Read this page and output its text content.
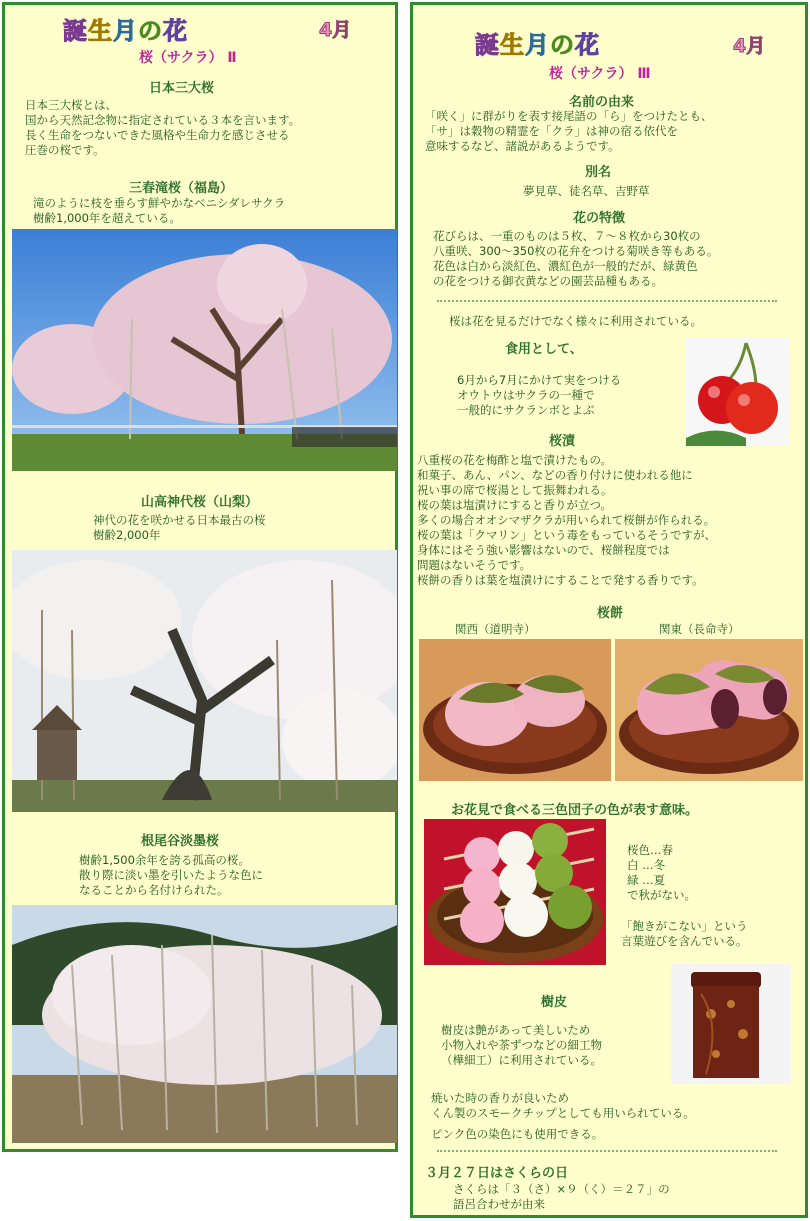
誕生月の花	4月
桜（サクラ） Ⅱ
日本三大桜
日本三大桜とは、
国から天然記念物に指定されている３本を言います。
長く生命をつないできた風格や生命力を感じさせる
圧巻の桜です。
三春滝桜（福島）
滝のように枝を垂らす鮮やかなベニシダレサクラ
樹齢1,000年を超えている。
山高神代桜（山梨）
神代の花を咲かせる日本最古の桜
樹齢2,000年
根尾谷淡墨桜
樹齢1,500余年を誇る孤高の桜。
散り際に淡い墨を引いたような色に
なることから名付けられた。
誕生月の花	4月
桜（サクラ） Ⅲ
名前の由来
「咲く」に群がりを表す接尾語の「ら」をつけたとも、
「サ」は穀物の精霊を「クラ」は神の宿る依代を
意味するなど、諸説があるようです。
別名
夢見草、徒名草、吉野草
花の特徴
花びらは、一重のものは５枚、７～８枚から30枚の
八重咲、300～350枚の花弁をつける菊咲き等もある。
花色は白から淡紅色、濃紅色が一般的だが、緑黄色
の花をつける御衣黄などの園芸品種もある。
桜は花を見るだけでなく様々に利用されている。
食用として、
6月から7月にかけて実をつける
オウトウはサクラの一種で
一般的にサクランボとよぶ
桜漬
八重桜の花を梅酢と塩で漬けたもの。
和菓子、あん、パン、などの香り付けに使われる他に
祝い事の席で桜湯として振舞われる。
桜の葉は塩漬けにすると香りが立つ。
多くの場合オオシマザクラが用いられて桜餅が作られる。
桜の葉は「クマリン」という毒をもっているそうですが、
身体にはそう強い影響はないので、桜餅程度では
問題はないそうです。
桜餅の香りは葉を塩漬けにすることで発する香りです。
桜餅
関西（道明寺）	関東（長命寺）
お花見で食べる三色団子の色が表す意味。
桜色…春
白 …冬
緑 …夏
で秋がない。
「飽きがこない」という
言葉遊びを含んでいる。
樹皮
樹皮は艶があって美しいため
小物入れや茶ずつなどの細工物
（樺細工）に利用されている。
焼いた時の香りが良いため
くん製のスモークチップとしても用いられている。
ピンク色の染色にも使用できる。
３月２７日はさくらの日
さくらは「３（さ）×９（く）＝２７」の
語呂合わせが由来
